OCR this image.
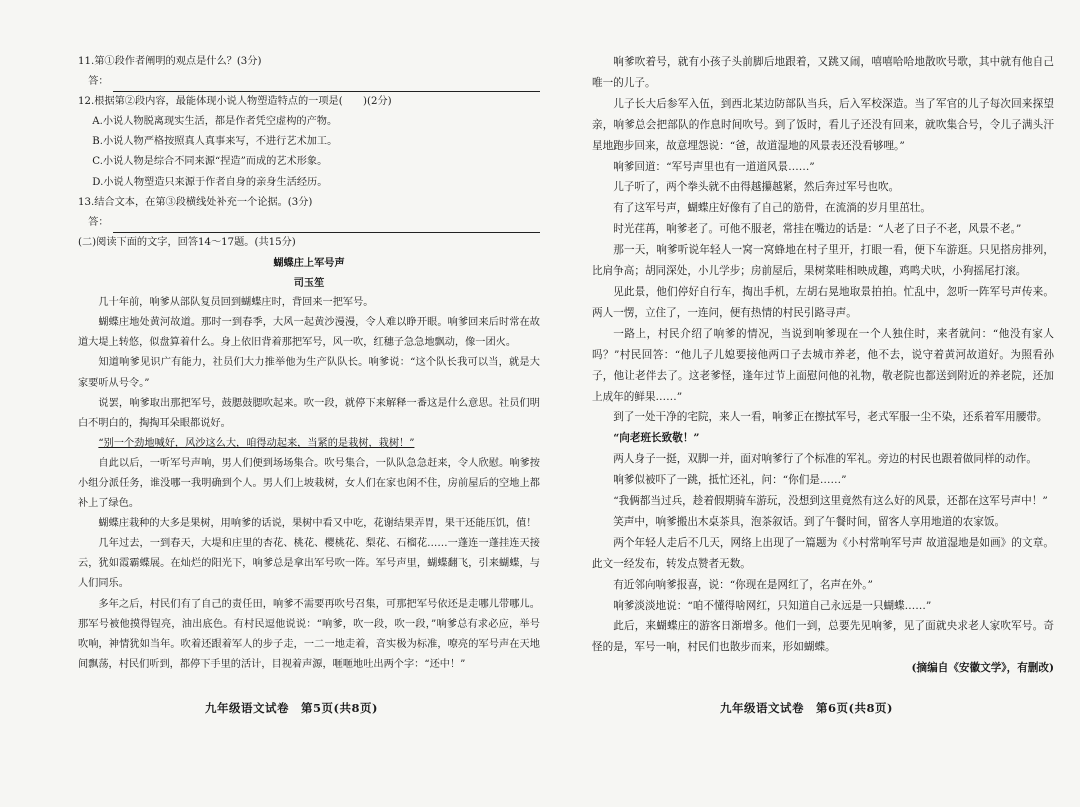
11.第①段作者阐明的观点是什么？(3分)

答：

12.根据第②段内容，最能体现小说人物塑造特点的一项是(　　)(2分)

A.小说人物脱离现实生活，都是作者凭空虚构的产物。

B.小说人物严格按照真人真事来写，不进行艺术加工。

C.小说人物是综合不同来源“捏造”而成的艺术形象。

D.小说人物塑造只来源于作者自身的亲身生活经历。

13.结合文本，在第③段横线处补充一个论据。(3分)

答：

(二)阅读下面的文字，回答14～17题。(共15分)

蝴蝶庄上军号声

司玉笙

几十年前，响爹从部队复员回到蝴蝶庄时，背回来一把军号。

蝴蝶庄地处黄河故道。那时一到春季，大风一起黄沙漫漫，令人难以睁开眼。响爹回来后时常在故道大堤上转悠，似盘算着什么。身上依旧背着那把军号，风一吹，红穗子急急地飘动，像一团火。

知道响爹见识广有能力，社员们大力推举他为生产队队长。响爹说：“这个队长我可以当，就是大家要听从号令。”

说罢，响爹取出那把军号，鼓腮鼓腮吹起来。吹一段，就停下来解释一番这是什么意思。社员们明白不明白的，掏掏耳朵眼都说好。

“别一个劲地喊好，风沙这么大，咱得动起来，当紧的是栽树，栽树！”

自此以后，一听军号声响，男人们便到场场集合。吹号集合，一队队急急赶来，令人欣慰。响爹按小组分派任务，谁没哪一我明确到个人。男人们上坡栽树，女人们在家也闲不住，房前屋后的空地上都补上了绿色。

蝴蝶庄栽种的大多是果树，用响爹的话说，果树中看又中吃，花谢结果弄胃，果干还能压饥，值！

几年过去，一到春天，大堤和庄里的杏花、桃花、樱桃花、梨花、石榴花……一蓬连一蓬挂连天接云，犹如霞霸蝶展。在灿烂的阳光下，响爹总是拿出军号吹一阵。军号声里，蝴蝶翻飞，引来蝴蝶，与人们同乐。

多年之后，村民们有了自己的责任田，响爹不需要再吹号召集，可那把军号依还是走哪儿带哪儿。那军号被他摸得锃亮，油出底色。有村民逗他说说：“响爹，吹一段，吹一段，”响爹总有求必应，举号吹响，神情犹如当年。吹着还跟着军人的步子走，一二一地走着，音实极为标准，嘹亮的军号声在天地间飘荡，村民们听到，都停下手里的活计，目视着声源，咂咂地吐出两个字：“还中！”

九年级语文试卷　第5页(共8页)

响爹吹着号，就有小孩子头前脚后地跟着，又跳又闹，嘻嘻哈哈地散吹号歌，其中就有他自己唯一的儿子。

儿子长大后参军入伍，到西北某边防部队当兵，后入军校深造。当了军官的儿子每次回来探望亲，响爹总会把部队的作息时间吹号。到了饭时，看儿子还没有回来，就吹集合号，令儿子满头汗星地跑步回来，故意埋怨说：“爸，故道湿地的风景表还没看够哩。”

响爹回道：“军号声里也有一道道风景……”

儿子听了，两个拳头就不由得越攥越紧，然后奔过军号也吹。

有了这军号声，蝴蝶庄好像有了自己的筋骨，在流淌的岁月里茁壮。

时光荏苒，响爹老了。可他不服老，常挂在嘴边的话是：“人老了日子不老，风景不老。”

那一天，响爹听说年轻人一窝一窝蜂地在村子里开，打眼一看，便下车游逛。只见搭房排列，比肩争高；胡同深处，小儿学步；房前屋后，果树菜畦相映成趣，鸡鸣犬吠，小狗摇尾打滚。

见此景，他们停好自行车，掏出手机，左胡右晃地取景拍拍。忙乱中，忽听一阵军号声传来。两人一愣，立住了，一连问，便有热情的村民引路寻声。

一路上，村民介绍了响爹的情况，当说到响爹现在一个人独住时，来者就问：“他没有家人吗？”村民回答：“他儿子儿媳要接他两口子去城市养老，他不去，说守着黄河故道好。为照看孙子，他让老伴去了。这老爹怪，逢年过节上面慰问他的礼物，敬老院也都送到附近的养老院，还加上成年的鲜果……”

到了一处干净的宅院，来人一看，响爹正在擦拭军号，老式军服一尘不染，还系着军用腰带。

“向老班长致敬！”

两人身子一挺，双脚一并，面对响爹行了个标准的军礼。旁边的村民也跟着做同样的动作。

响爹似被吓了一跳，抵忙还礼，问：“你们是……”

“我俩都当过兵，趁着假期骑车游玩，没想到这里竟然有这么好的风景，还都在这军号声中！”

笑声中，响爹搬出木桌茶具，泡茶叙话。到了午餐时间，留客人享用地道的农家饭。

两个年轻人走后不几天，网络上出现了一篇题为《小村常响军号声 故道湿地是如画》的文章。此文一经发布，转发点赞者无数。

有近邻向响爹报喜，说：“你现在是网红了，名声在外。”

响爹淡淡地说：“咱不懂得啥网红，只知道自己永远是一只蝴蝶……”

此后，来蝴蝶庄的游客日渐增多。他们一到，总要先见响爹，见了面就央求老人家吹军号。奇怪的是，军号一响，村民们也散步而来，形如蝴蝶。

(摘编自《安徽文学》，有删改)

九年级语文试卷　第6页(共8页)
